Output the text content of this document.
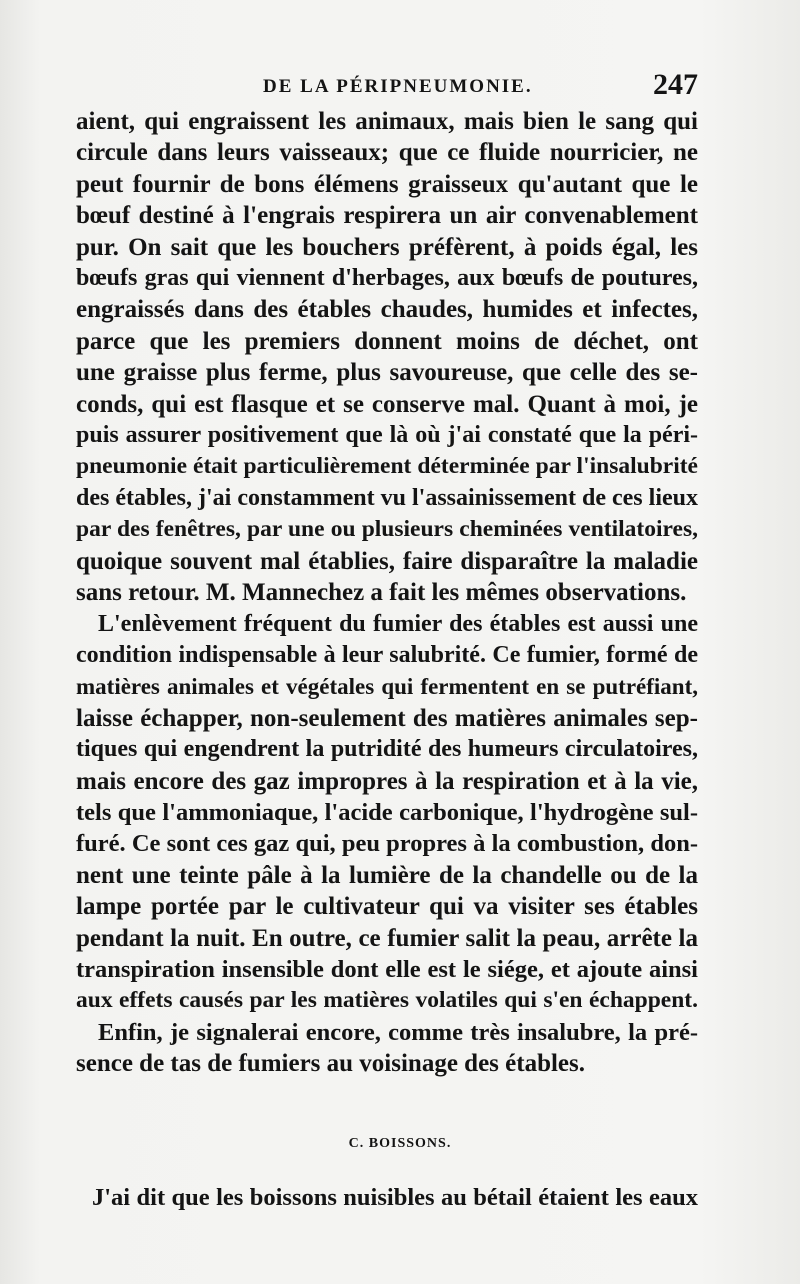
DE LA PÉRIPNEUMONIE.	247
aient, qui engraissent les animaux, mais bien le sang qui
circule dans leurs vaisseaux; que ce fluide nourricier, ne
peut fournir de bons élémens graisseux qu'autant que le
bœuf destiné à l'engrais respirera un air convenablement
pur. On sait que les bouchers préfèrent, à poids égal, les
bœufs gras qui viennent d'herbages, aux bœufs de poutures,
engraissés dans des étables chaudes, humides et infectes,
parce que les premiers donnent moins de déchet, ont
une graisse plus ferme, plus savoureuse, que celle des se-
conds, qui est flasque et se conserve mal. Quant à moi, je
puis assurer positivement que là où j'ai constaté que la péri-
pneumonie était particulièrement déterminée par l'insalubrité
des étables, j'ai constamment vu l'assainissement de ces lieux
par des fenêtres, par une ou plusieurs cheminées ventilatoires,
quoique souvent mal établies, faire disparaître la maladie
sans retour. M. Mannechez a fait les mêmes observations.
L'enlèvement fréquent du fumier des étables est aussi une
condition indispensable à leur salubrité. Ce fumier, formé de
matières animales et végétales qui fermentent en se putréfiant,
laisse échapper, non-seulement des matières animales sep-
tiques qui engendrent la putridité des humeurs circulatoires,
mais encore des gaz impropres à la respiration et à la vie,
tels que l'ammoniaque, l'acide carbonique, l'hydrogène sul-
furé. Ce sont ces gaz qui, peu propres à la combustion, don-
nent une teinte pâle à la lumière de la chandelle ou de la
lampe portée par le cultivateur qui va visiter ses étables
pendant la nuit. En outre, ce fumier salit la peau, arrête la
transpiration insensible dont elle est le siége, et ajoute ainsi
aux effets causés par les matières volatiles qui s'en échappent.
Enfin, je signalerai encore, comme très insalubre, la pré-
sence de tas de fumiers au voisinage des étables.
C. BOISSONS.
J'ai dit que les boissons nuisibles au bétail étaient les eaux
